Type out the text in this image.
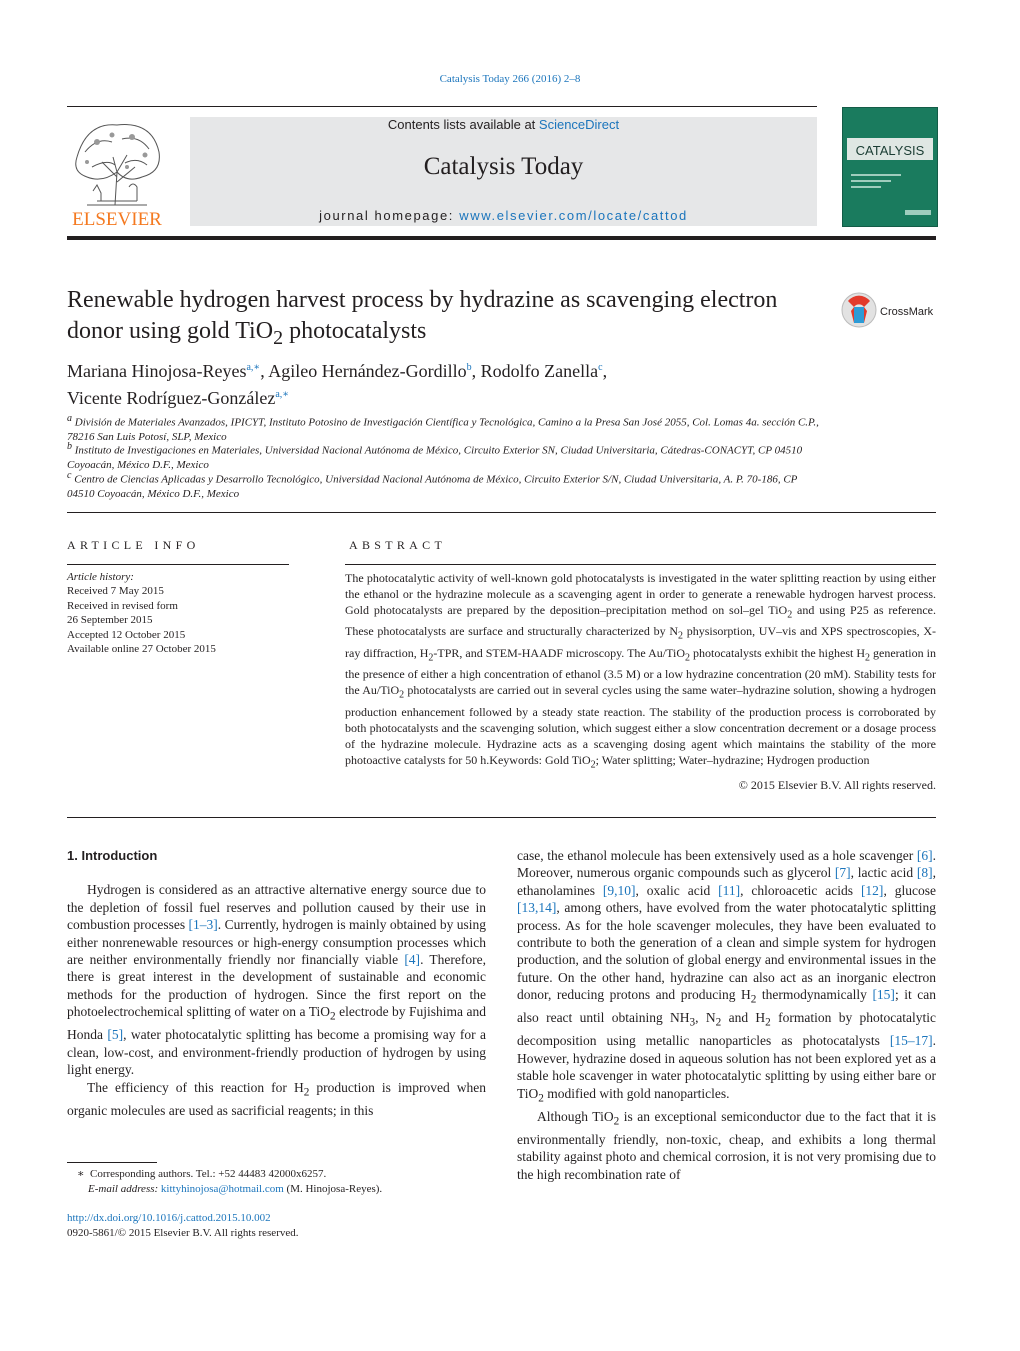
Catalysis Today 266 (2016) 2–8
ELSEVIER
Contents lists available at ScienceDirect
Catalysis Today
journal homepage: www.elsevier.com/locate/cattod
CATALYSIS
Renewable hydrogen harvest process by hydrazine as scavenging electron donor using gold TiO$_2$ photocatalysts
CrossMark
Mariana Hinojosa-Reyes$^{a,∗}$, Agileo Hernández-Gordillo$^b$, Rodolfo Zanella$^c$,
Vicente Rodríguez-González$^{a,∗}$
$^a$ División de Materiales Avanzados, IPICYT, Instituto Potosino de Investigación Científica y Tecnológica, Camino a la Presa San José 2055, Col. Lomas 4a. sección C.P., 78216 San Luis Potosí, SLP, Mexico
$^b$ Instituto de Investigaciones en Materiales, Universidad Nacional Autónoma de México, Circuito Exterior SN, Ciudad Universitaria, Cátedras-CONACYT, CP 04510 Coyoacán, México D.F., Mexico
$^c$ Centro de Ciencias Aplicadas y Desarrollo Tecnológico, Universidad Nacional Autónoma de México, Circuito Exterior S/N, Ciudad Universitaria, A. P. 70-186, CP 04510 Coyoacán, México D.F., Mexico
ARTICLE INFO
Article history:
Received 7 May 2015
Received in revised form
26 September 2015
Accepted 12 October 2015
Available online 27 October 2015
ABSTRACT
The photocatalytic activity of well-known gold photocatalysts is investigated in the water splitting reaction by using either the ethanol or the hydrazine molecule as a scavenging agent in order to generate a renewable hydrogen harvest process. Gold photocatalysts are prepared by the deposition–precipitation method on sol–gel TiO$_2$ and using P25 as reference. These photocatalysts are surface and structurally characterized by $N_2$ physisorption, UV–vis and XPS spectroscopies, X-ray diffraction, $H_2$-TPR, and STEM-HAADF microscopy. The Au/TiO$_2$ photocatalysts exhibit the highest $H_2$ generation in the presence of either a high concentration of ethanol (3.5 M) or a low hydrazine concentration (20 mM). Stability tests for the Au/TiO$_2$ photocatalysts are carried out in several cycles using the same water–hydrazine solution, showing a hydrogen production enhancement followed by a steady state reaction. The stability of the production process is corroborated by both photocatalysts and the scavenging solution, which suggest either a slow concentration decrement or a dosage process of the hydrazine molecule. Hydrazine acts as a scavenging dosing agent which maintains the stability of the more photoactive catalysts for 50 h.Keywords: Gold TiO$_2$; Water splitting; Water–hydrazine; Hydrogen production
© 2015 Elsevier B.V. All rights reserved.

1. Introduction

Hydrogen is considered as an attractive alternative energy source due to the depletion of fossil fuel reserves and pollution caused by their use in combustion processes [1–3]. Currently, hydrogen is mainly obtained by using either nonrenewable resources or high-energy consumption processes which are neither environmentally friendly nor financially viable [4]. Therefore, there is great interest in the development of sustainable and economic methods for the production of hydrogen. Since the first report on the photoelectrochemical splitting of water on a TiO$_2$ electrode by Fujishima and Honda [5], water photocatalytic splitting has become a promising way for a clean, low-cost, and environment-friendly production of hydrogen by using light energy.

The efficiency of this reaction for $H_2$ production is improved when organic molecules are used as sacrificial reagents; in this

case, the ethanol molecule has been extensively used as a hole scavenger [6]. Moreover, numerous organic compounds such as glycerol [7], lactic acid [8], ethanolamines [9,10], oxalic acid [11], chloroacetic acids [12], glucose [13,14], among others, have evolved from the water photocatalytic splitting process. As for the hole scavenger molecules, they have been evaluated to contribute to both the generation of a clean and simple system for hydrogen production, and the solution of global energy and environmental issues in the future. On the other hand, hydrazine can also act as an inorganic electron donor, reducing protons and producing $H_2$ thermodynamically [15]; it can also react until obtaining $NH_3$, $N_2$ and $H_2$ formation by photocatalytic decomposition using metallic nanoparticles as photocatalysts [15–17]. However, hydrazine dosed in aqueous solution has not been explored yet as a stable hole scavenger in water photocatalytic splitting by using either bare or TiO$_2$ modified with gold nanoparticles.

Although TiO$_2$ is an exceptional semiconductor due to the fact that it is environmentally friendly, non-toxic, cheap, and exhibits a long thermal stability against photo and chemical corrosion, it is not very promising due to the high recombination rate of

∗  Corresponding authors. Tel.: +52 44483 42000x6257.
E-mail address: kittyhinojosa@hotmail.com (M. Hinojosa-Reyes).
http://dx.doi.org/10.1016/j.cattod.2015.10.002
0920-5861/© 2015 Elsevier B.V. All rights reserved.
